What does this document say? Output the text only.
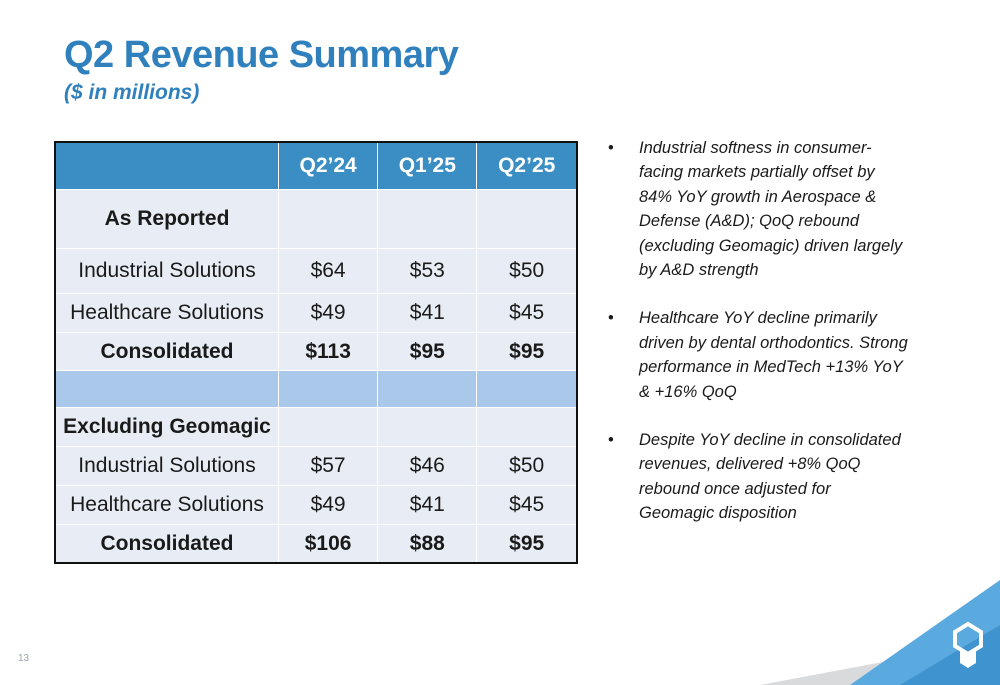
Q2 Revenue Summary
($ in millions)
	Q2’24	Q1’25	Q2’25
As Reported			
Industrial Solutions	$64	$53	$50
Healthcare Solutions	$49	$41	$45
Consolidated	$113	$95	$95

Excluding Geomagic			
Industrial Solutions	$57	$46	$50
Healthcare Solutions	$49	$41	$45
Consolidated	$106	$88	$95
• Industrial softness in consumer-facing markets partially offset by 84% YoY growth in Aerospace & Defense (A&D); QoQ rebound (excluding Geomagic) driven largely by A&D strength
• Healthcare YoY decline primarily driven by dental orthodontics. Strong performance in MedTech +13% YoY & +16% QoQ
• Despite YoY decline in consolidated revenues, delivered +8% QoQ rebound once adjusted for Geomagic disposition
13
